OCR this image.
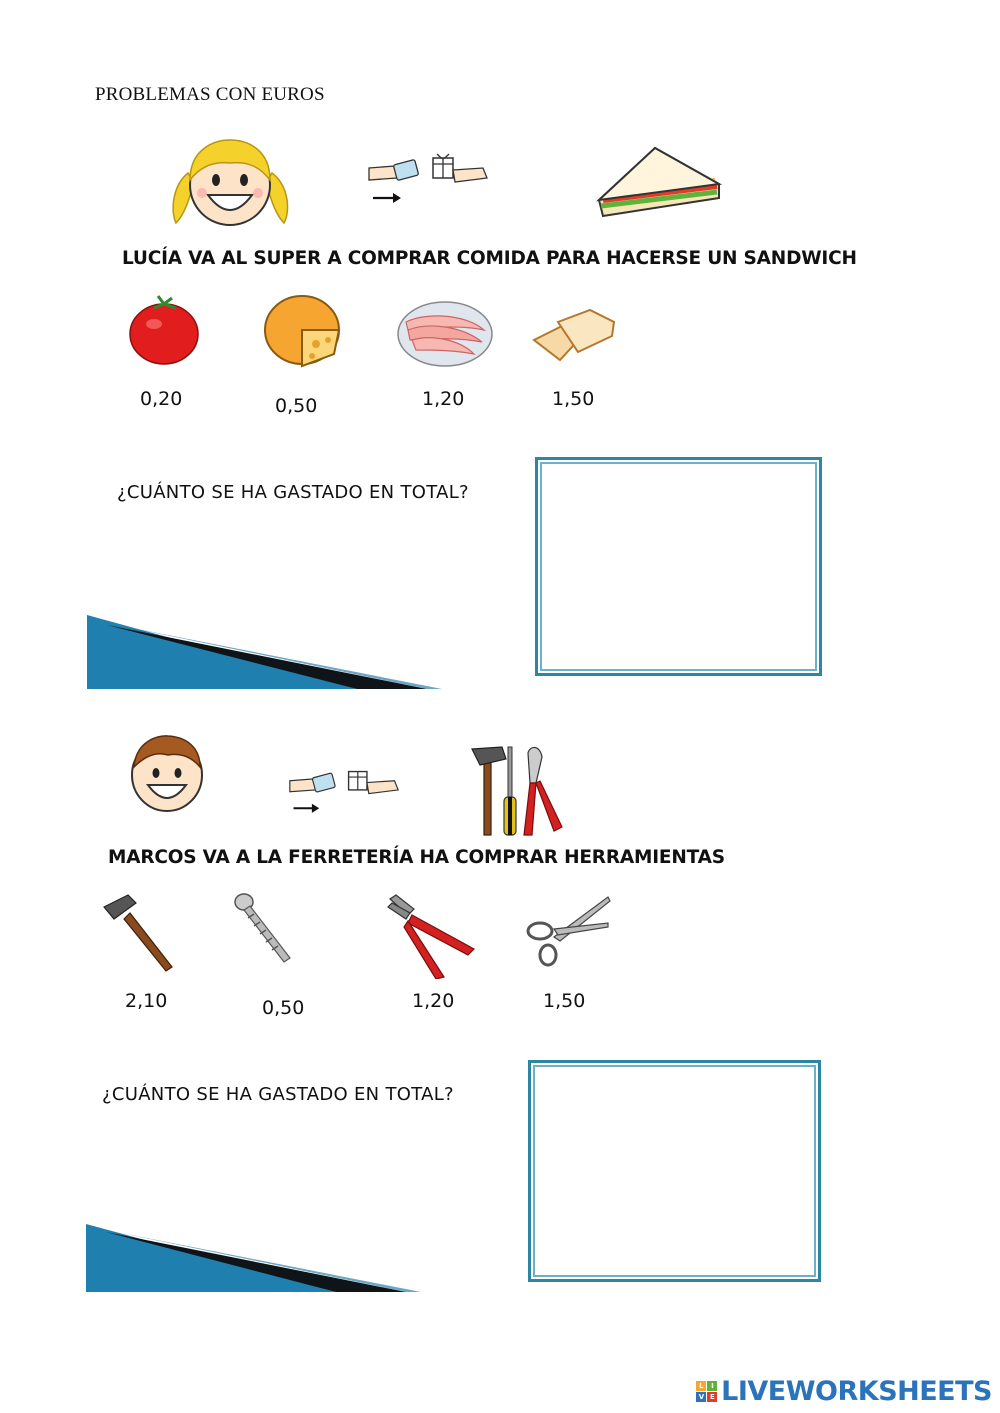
PROBLEMAS CON EUROS
LUCÍA VA AL SUPER A COMPRAR COMIDA PARA HACERSE UN SANDWICH
0,20	0,50	1,20	1,50
¿CUÁNTO SE HA GASTADO EN TOTAL?
MARCOS VA A LA FERRETERÍA HA COMPRAR HERRAMIENTAS
2,10	0,50	1,20	1,50
¿CUÁNTO SE HA GASTADO EN TOTAL?
L	I
V E LIVEWORKSHEETS
